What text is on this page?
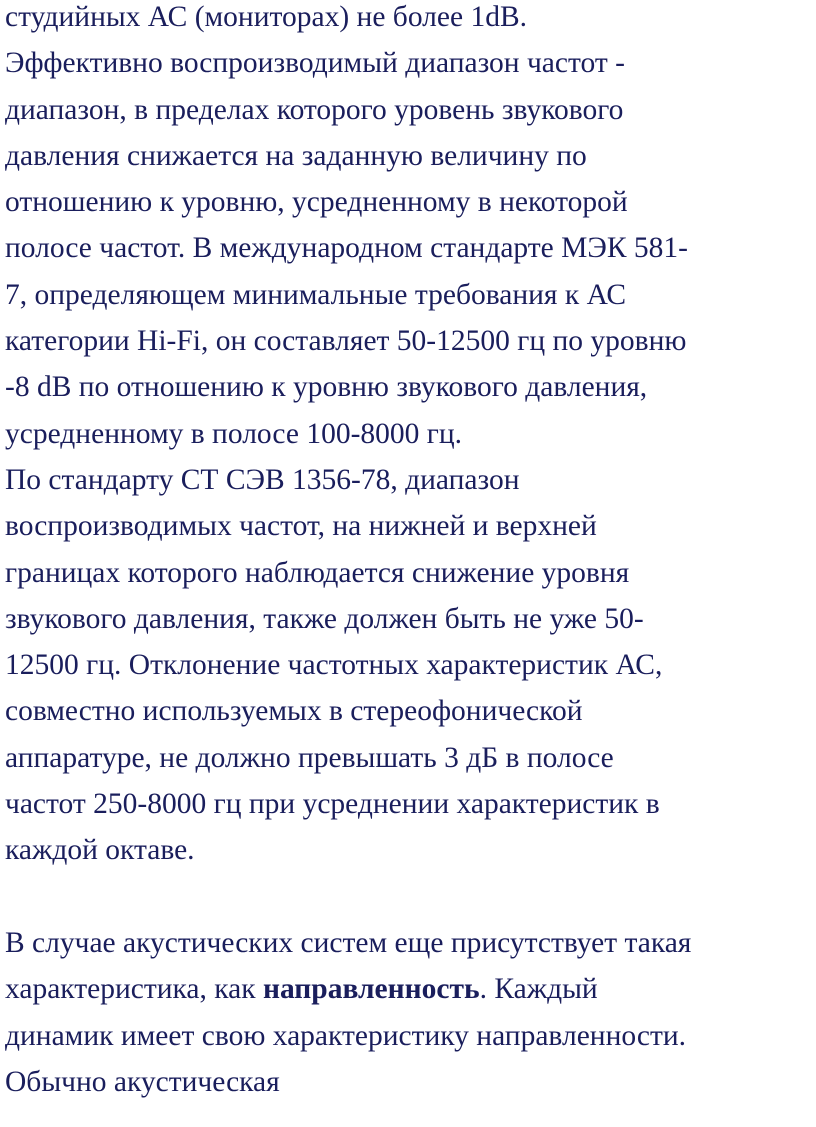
студийных АС (мониторах) не более 1dB.
Эффективно воспроизводимый диапазон частот -
диапазон, в пределах которого уровень звукового
давления снижается на заданную величину по
отношению к уровню, усредненному в некоторой
полосе частот. В международном стандарте МЭК 581-
7, определяющем минимальные требования к АС
категории Hi-Fi, он составляет 50-12500 гц по уровню
-8 dB по отношению к уровню звукового давления,
усредненному в полосе 100-8000 гц.
По стандарту СТ СЭВ 1356-78, диапазон
воспроизводимых частот, на нижней и верхней
границах которого наблюдается снижение уровня
звукового давления, также должен быть не уже 50-
12500 гц. Отклонение частотных характеристик АС,
совместно используемых в стереофонической
аппаратуре, не должно превышать 3 дБ в полосе
частот 250-8000 гц при усреднении характеристик в
каждой октаве.
В случае акустических систем еще присутствует такая
характеристика, как направленность. Каждый
динамик имеет свою характеристику направленности.
Обычно акустическая
